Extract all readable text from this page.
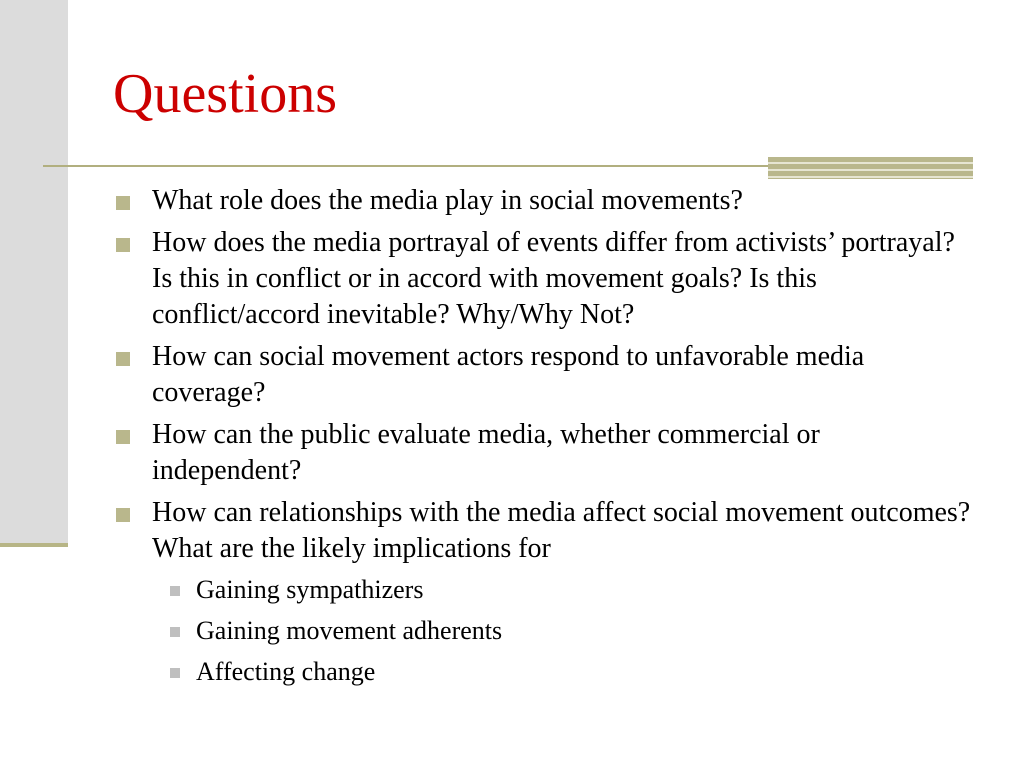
Questions
What role does the media play in social movements?
How does the media portrayal of events differ from activists’ portrayal? Is this in conflict or in accord with movement goals? Is this conflict/accord inevitable? Why/Why Not?
How can social movement actors respond to unfavorable media coverage?
How can the public evaluate media, whether commercial or independent?
How can relationships with the media affect social movement outcomes? What are the likely implications for
Gaining sympathizers
Gaining movement adherents
Affecting change
